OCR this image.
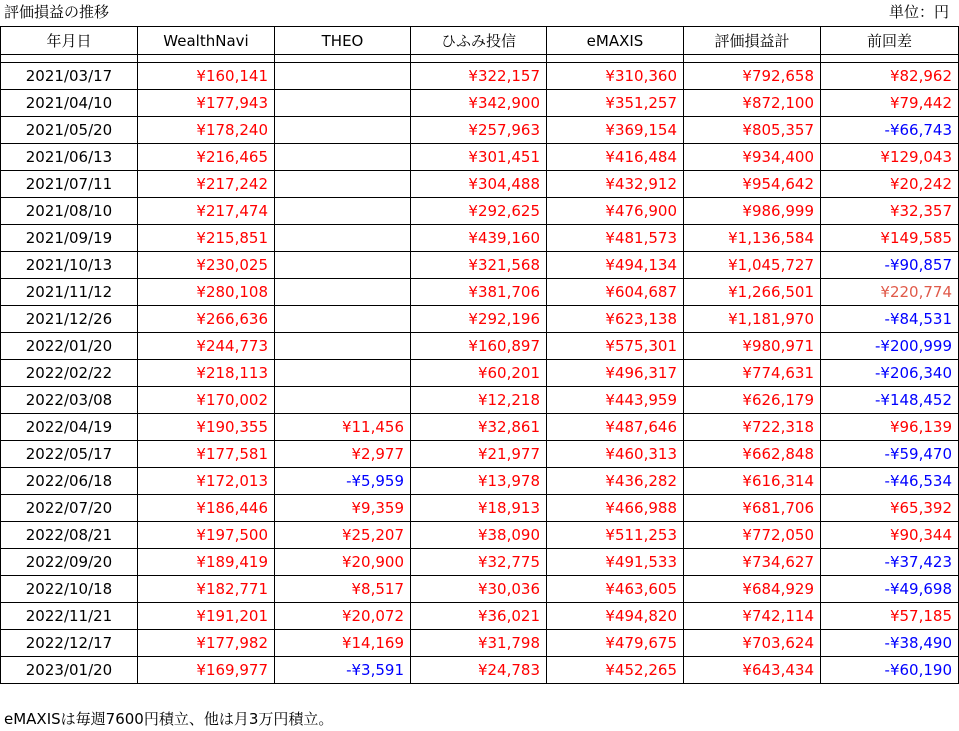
評価損益の推移	単位：円
年月日	WealthNavi	THEO	ひふみ投信	eMAXIS	評価損益計	前回差

2021/03/17	¥160,141		¥322,157	¥310,360	¥792,658	¥82,962
2021/04/10	¥177,943		¥342,900	¥351,257	¥872,100	¥79,442
2021/05/20	¥178,240		¥257,963	¥369,154	¥805,357	-¥66,743
2021/06/13	¥216,465		¥301,451	¥416,484	¥934,400	¥129,043
2021/07/11	¥217,242		¥304,488	¥432,912	¥954,642	¥20,242
2021/08/10	¥217,474		¥292,625	¥476,900	¥986,999	¥32,357
2021/09/19	¥215,851		¥439,160	¥481,573	¥1,136,584	¥149,585
2021/10/13	¥230,025		¥321,568	¥494,134	¥1,045,727	-¥90,857
2021/11/12	¥280,108		¥381,706	¥604,687	¥1,266,501	¥220,774
2021/12/26	¥266,636		¥292,196	¥623,138	¥1,181,970	-¥84,531
2022/01/20	¥244,773		¥160,897	¥575,301	¥980,971	-¥200,999
2022/02/22	¥218,113		¥60,201	¥496,317	¥774,631	-¥206,340
2022/03/08	¥170,002		¥12,218	¥443,959	¥626,179	-¥148,452
2022/04/19	¥190,355	¥11,456	¥32,861	¥487,646	¥722,318	¥96,139
2022/05/17	¥177,581	¥2,977	¥21,977	¥460,313	¥662,848	-¥59,470
2022/06/18	¥172,013	-¥5,959	¥13,978	¥436,282	¥616,314	-¥46,534
2022/07/20	¥186,446	¥9,359	¥18,913	¥466,988	¥681,706	¥65,392
2022/08/21	¥197,500	¥25,207	¥38,090	¥511,253	¥772,050	¥90,344
2022/09/20	¥189,419	¥20,900	¥32,775	¥491,533	¥734,627	-¥37,423
2022/10/18	¥182,771	¥8,517	¥30,036	¥463,605	¥684,929	-¥49,698
2022/11/21	¥191,201	¥20,072	¥36,021	¥494,820	¥742,114	¥57,185
2022/12/17	¥177,982	¥14,169	¥31,798	¥479,675	¥703,624	-¥38,490
2023/01/20	¥169,977	-¥3,591	¥24,783	¥452,265	¥643,434	-¥60,190
eMAXISは毎週7600円積立、他は月3万円積立。
